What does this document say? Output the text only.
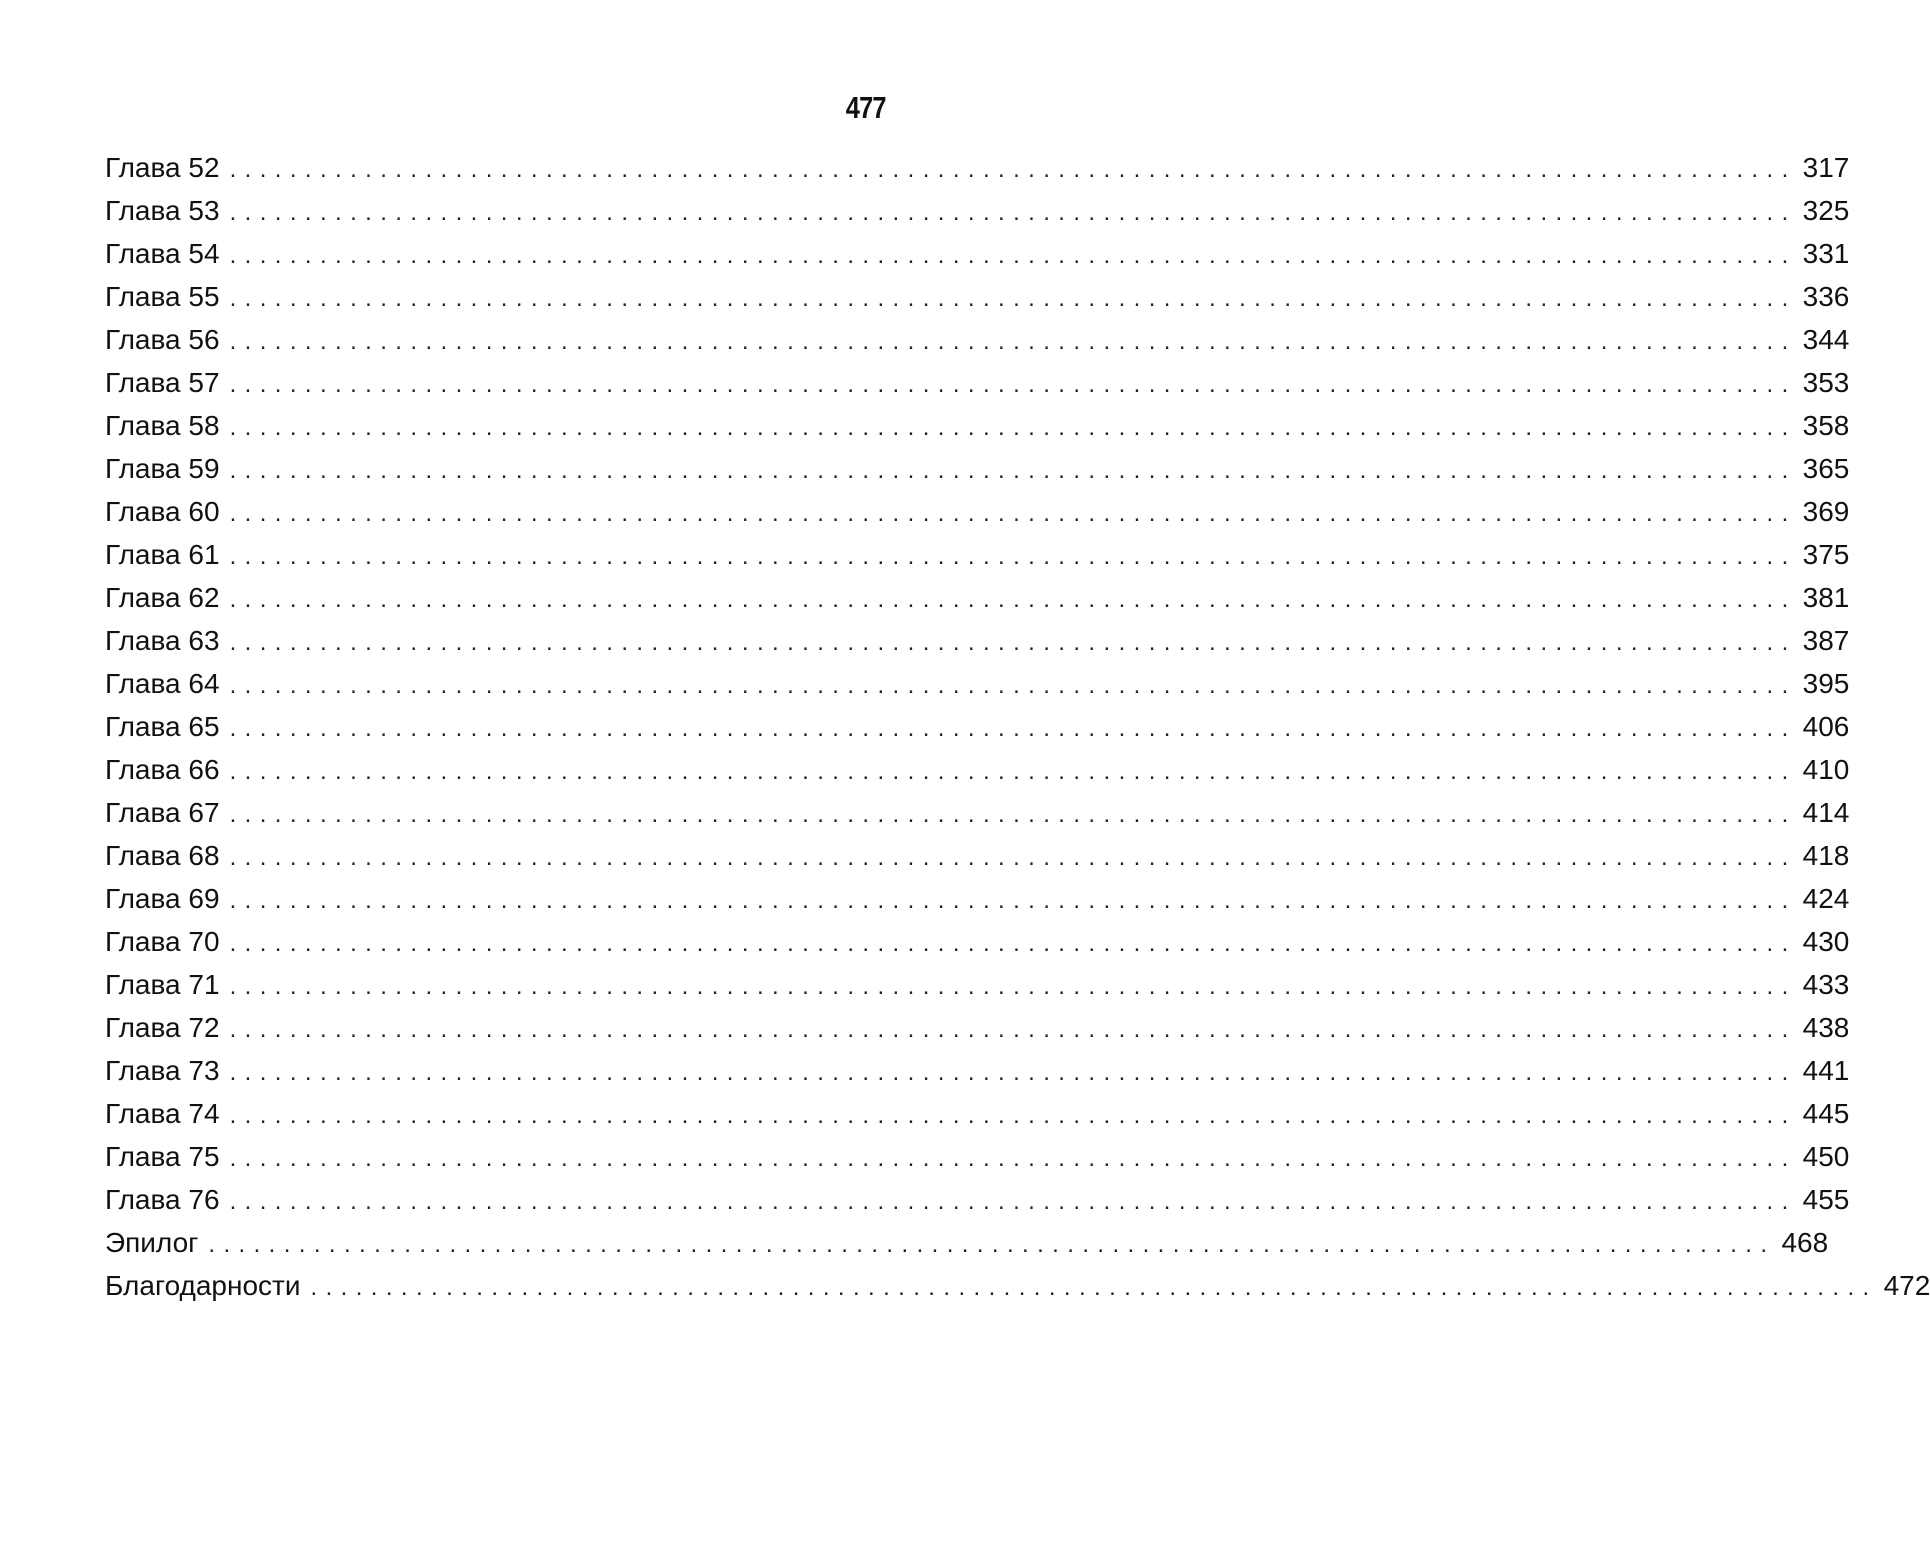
477
Глава 52 ........................................................................................................ 317
Глава 53 ........................................................................................................ 325
Глава 54 ........................................................................................................ 331
Глава 55 ........................................................................................................ 336
Глава 56 ........................................................................................................ 344
Глава 57 ........................................................................................................ 353
Глава 58 ........................................................................................................ 358
Глава 59 ........................................................................................................ 365
Глава 60 ........................................................................................................ 369
Глава 61 ........................................................................................................ 375
Глава 62 ........................................................................................................ 381
Глава 63 ........................................................................................................ 387
Глава 64 ........................................................................................................ 395
Глава 65 ........................................................................................................ 406
Глава 66 ........................................................................................................ 410
Глава 67 ........................................................................................................ 414
Глава 68 ........................................................................................................ 418
Глава 69 ........................................................................................................ 424
Глава 70 ........................................................................................................ 430
Глава 71 ........................................................................................................ 433
Глава 72 ........................................................................................................ 438
Глава 73 ........................................................................................................ 441
Глава 74 ........................................................................................................ 445
Глава 75 ........................................................................................................ 450
Глава 76 ........................................................................................................ 455
Эпилог ........................................................................................................ 468
Благодарности ........................................................................................................ 472
